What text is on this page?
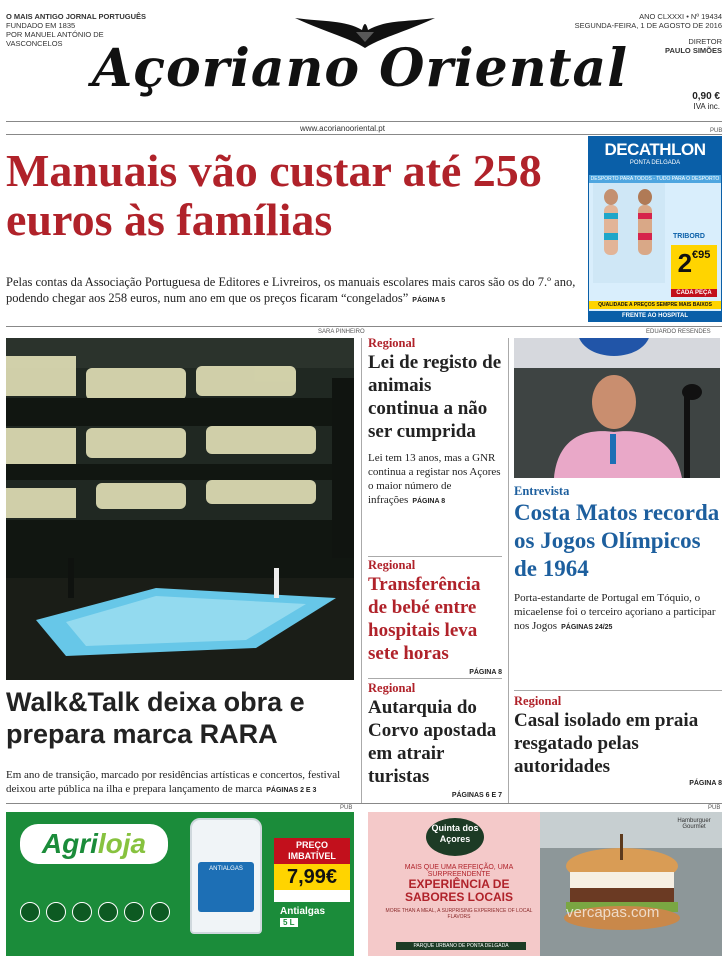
O MAIS ANTIGO JORNAL PORTUGUÊS
FUNDADO EM 1835
POR MANUEL ANTÓNIO DE VASCONCELOS Açoriano Oriental
ANO CLXXXI • Nº 19434
SEGUNDA-FEIRA, 1 DE AGOSTO DE 2016
DIRETOR
PAULO SIMÕES
0,90 €
IVA inc.
www.acorianooriental.pt
Manuais vão custar até 258 euros às famílias
Pelas contas da Associação Portuguesa de Editores e Livreiros, os manuais escolares mais caros são os do 7.º ano, podendo chegar aos 258 euros, num ano em que os preços ficaram “congelados” PÁGINA 5
PUB
DECATHLON
PONTA DELGADA
DESPORTO PARA TODOS - TUDO PARA O DESPORTO
TRIBORD
$2^{€95}$
CADA PEÇA
QUALIDADE A PREÇOS SEMPRE MAIS BAIXOS
FRENTE AO HOSPITAL
SARA PINHEIRO
Walk&Talk deixa obra e prepara marca RARA
Em ano de transição, marcado por residências artísticas e concertos, festival deixou arte pública na ilha e prepara lançamento de marca PÁGINAS 2 E 3
Regional
Lei de registo de animais continua a não ser cumprida
Lei tem 13 anos, mas a GNR continua a registar nos Açores o maior número de infrações PÁGINA 8
Regional
Transferência de bebé entre hospitais leva sete horas
PÁGINA 8
Regional
Autarquia do Corvo apostada em atrair turistas
PÁGINAS 6 E 7
EDUARDO RESENDES
Entrevista
Costa Matos recorda os Jogos Olímpicos de 1964
Porta-estandarte de Portugal em Tóquio, o micaelense foi o terceiro açoriano a participar nos Jogos PÁGINAS 24/25
Regional
Casal isolado em praia resgatado pelas autoridades
PÁGINA 8
PUB	PUB
Agriloja
ANTIALGAS
PREÇO IMBATÍVEL
7,99€
Antialgas
5 L
Quinta dos Açores
MAIS QUE UMA REFEIÇÃO, UMA SURPREENDENTE
EXPERIÊNCIA DE SABORES LOCAIS
MORE THAN A MEAL, A SURPRISING EXPERIENCE OF LOCAL FLAVORS
PARQUE URBANO DE PONTA DELGADA
Hamburguer Gourmet
vercapas.com
